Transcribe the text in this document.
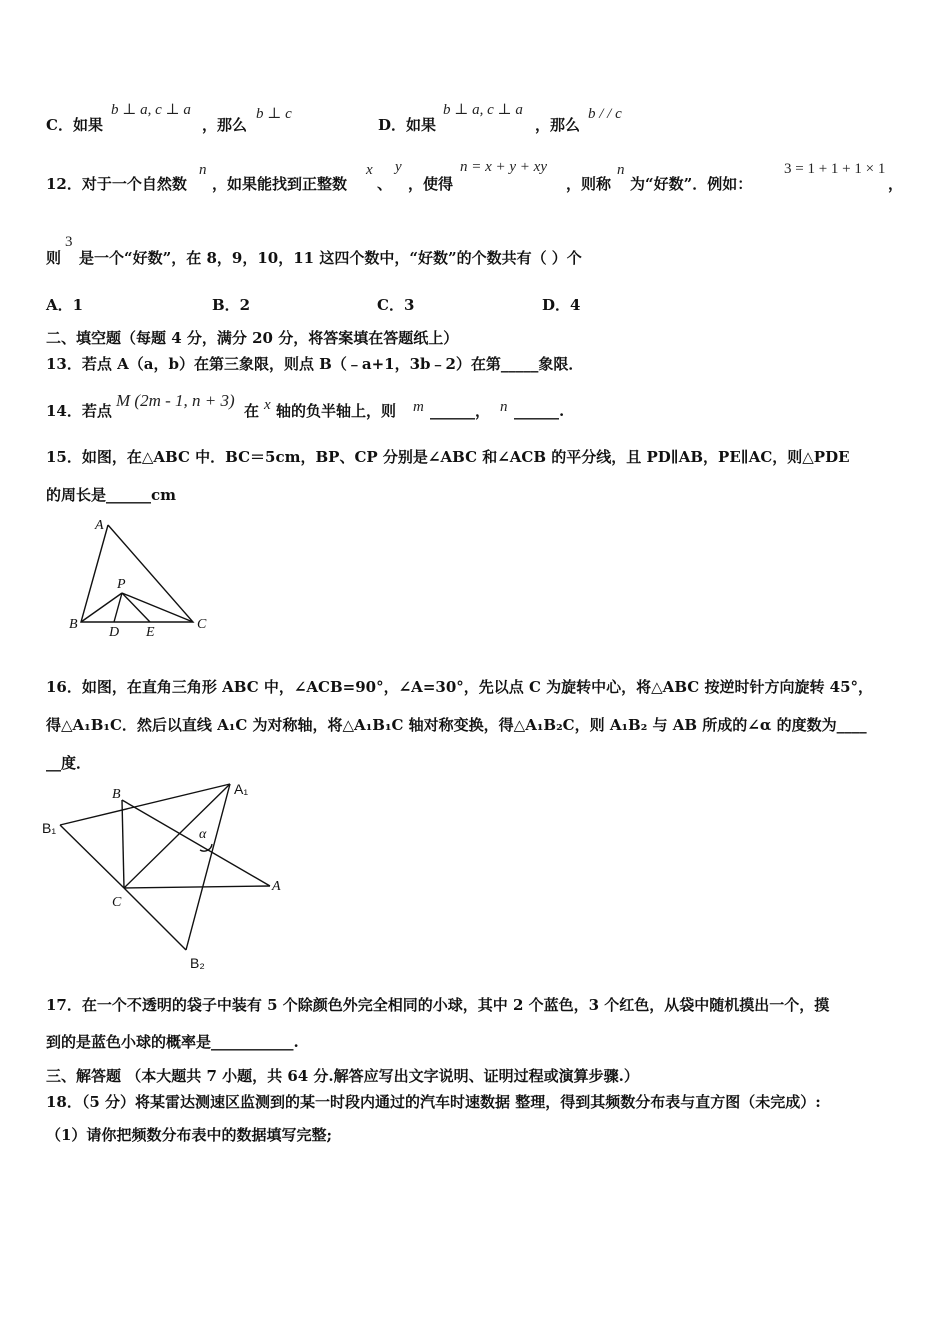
C．如果
b ⊥ a, c ⊥ a
，那么
b ⊥ c
D．如果
b ⊥ a, c ⊥ a
，那么
b / / c
12．对于一个自然数
n
，如果能找到正整数
x
、
y
，使得
n = x + y + xy
，则称
n
为“好数”．例如：
3 = 1 + 1 + 1 × 1
，
则
3
是一个“好数”，在 8，9，10，11 这四个数中，“好数”的个数共有（ ）个
A．1	B．2	C．3	D．4
二、填空题（每题 4 分，满分 20 分，将答案填在答题纸上）
13．若点 A（a，b）在第三象限，则点 B（﹣a+1，3b﹣2）在第_____象限．
14．若点
M (2m - 1, n + 3)
在 x 轴的负半轴上，则 m ______， n ______.
15．如图，在△ABC 中．BC＝5cm，BP、CP 分别是∠ABC 和∠ACB 的平分线，且 PD∥AB，PE∥AC，则△PDE
的周长是______cm
A
P
B
D E
C
16．如图，在直角三角形 ABC 中，∠ACB=90°，∠A=30°，先以点 C 为旋转中心，将△ABC 按逆时针方向旋转 45°，
得△A₁B₁C．然后以直线 A₁C 为对称轴，将△A₁B₁C 轴对称变换，得△A₁B₂C，则 A₁B₂ 与 AB 所成的∠α 的度数为____
__度．
B	A₁
B₁	α
C
A
B₂
17．在一个不透明的袋子中装有 5 个除颜色外完全相同的小球，其中 2 个蓝色，3 个红色，从袋中随机摸出一个，摸
到的是蓝色小球的概率是___________.
三、解答题 （本大题共 7 小题，共 64 分.解答应写出文字说明、证明过程或演算步骤.）
18．（5 分）将某雷达测速区监测到的某一时段内通过的汽车时速数据 整理，得到其频数分布表与直方图（未完成）:
（1）请你把频数分布表中的数据填写完整;
